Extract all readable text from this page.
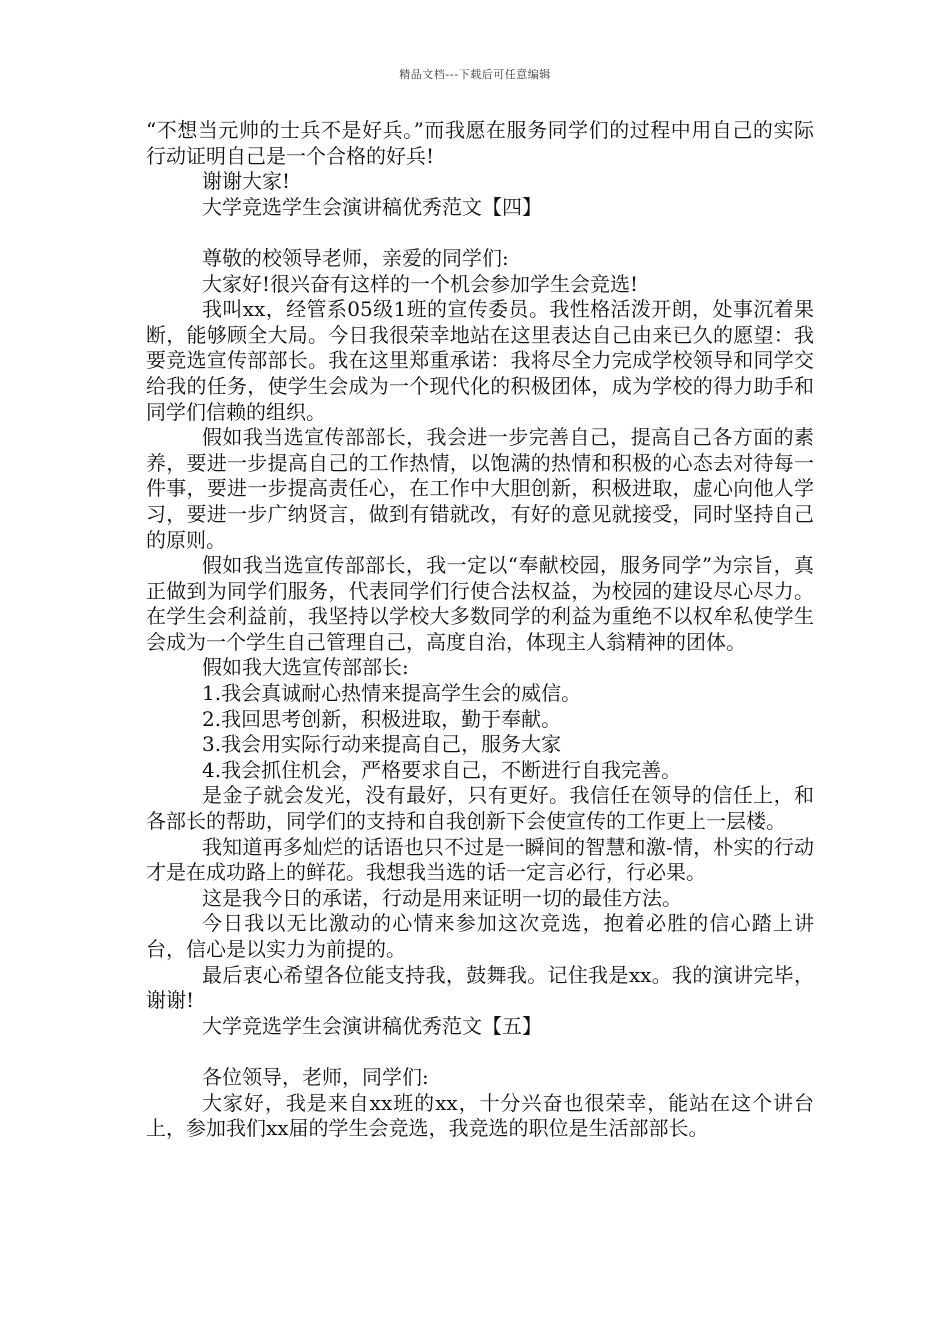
精品文档---下载后可任意编辑

“不想当元帅的士兵不是好兵。”而我愿在服务同学们的过程中用自己的实际行动证明自己是一个合格的好兵!

谢谢大家!

大学竞选学生会演讲稿优秀范文【四】

尊敬的校领导老师，亲爱的同学们:

大家好!很兴奋有这样的一个机会参加学生会竞选!

我叫xx，经管系05级1班的宣传委员。我性格活泼开朗，处事沉着果断，能够顾全大局。今日我很荣幸地站在这里表达自己由来已久的愿望：我要竞选宣传部部长。我在这里郑重承诺：我将尽全力完成学校领导和同学交给我的任务，使学生会成为一个现代化的积极团体，成为学校的得力助手和同学们信赖的组织。

假如我当选宣传部部长，我会进一步完善自己，提高自己各方面的素养，要进一步提高自己的工作热情，以饱满的热情和积极的心态去对待每一件事，要进一步提高责任心，在工作中大胆创新，积极进取，虚心向他人学习，要进一步广纳贤言，做到有错就改，有好的意见就接受，同时坚持自己的原则。

假如我当选宣传部部长，我一定以“奉献校园，服务同学”为宗旨，真正做到为同学们服务，代表同学们行使合法权益，为校园的建设尽心尽力。在学生会利益前，我坚持以学校大多数同学的利益为重绝不以权牟私使学生会成为一个学生自己管理自己，高度自治，体现主人翁精神的团体。

假如我大选宣传部部长:

1.我会真诚耐心热情来提高学生会的威信。

2.我回思考创新，积极进取，勤于奉献。

3.我会用实际行动来提高自己，服务大家

4.我会抓住机会，严格要求自己，不断进行自我完善。

是金子就会发光，没有最好，只有更好。我信任在领导的信任上，和各部长的帮助，同学们的支持和自我创新下会使宣传的工作更上一层楼。

我知道再多灿烂的话语也只不过是一瞬间的智慧和激-情，朴实的行动才是在成功路上的鲜花。我想我当选的话一定言必行，行必果。

这是我今日的承诺，行动是用来证明一切的最佳方法。

今日我以无比激动的心情来参加这次竞选，抱着必胜的信心踏上讲台，信心是以实力为前提的。

最后衷心希望各位能支持我，鼓舞我。记住我是xx。我的演讲完毕，谢谢!

大学竞选学生会演讲稿优秀范文【五】

各位领导，老师，同学们:

大家好，我是来自xx班的xx，十分兴奋也很荣幸，能站在这个讲台上，参加我们xx届的学生会竞选，我竞选的职位是生活部部长。
